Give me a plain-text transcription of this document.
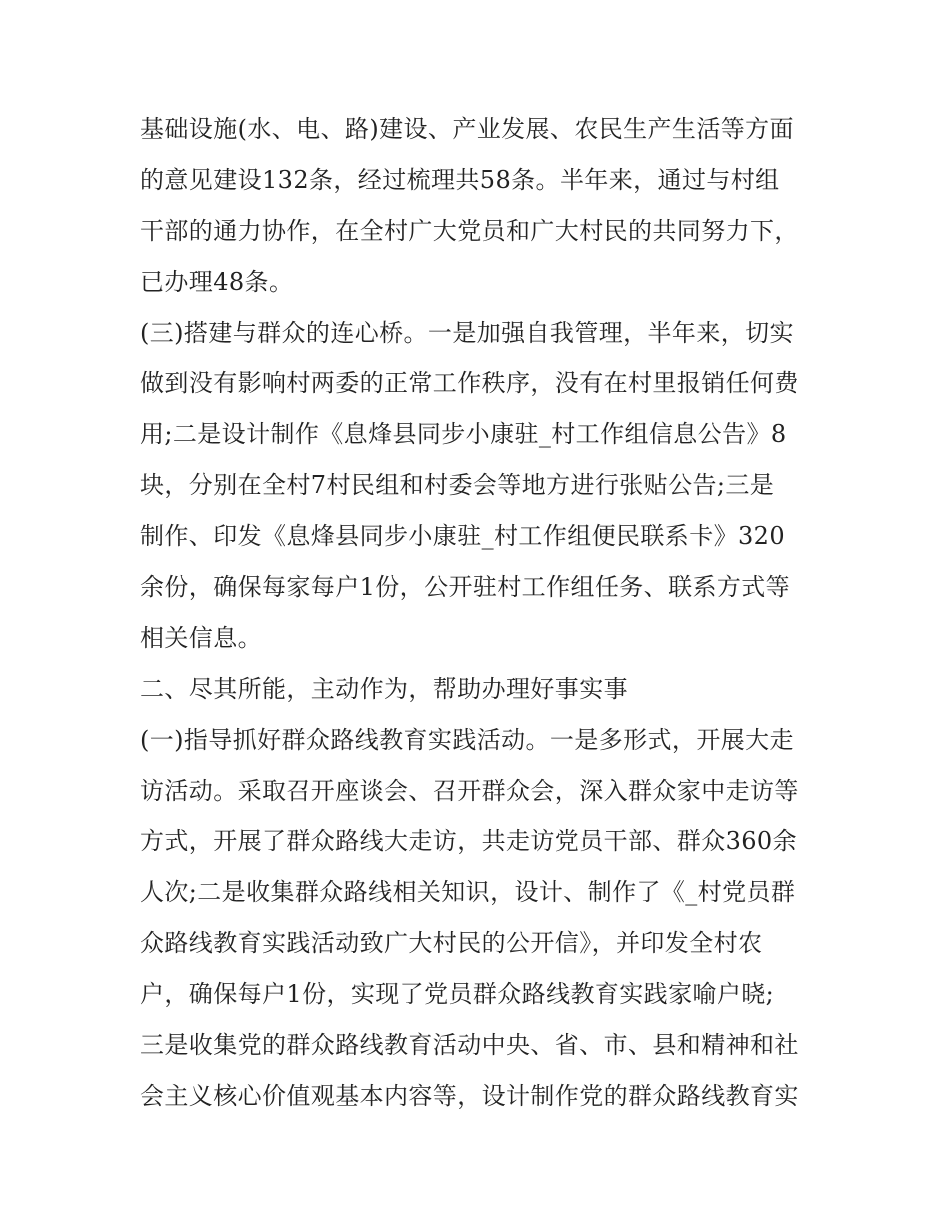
基础设施(水、电、路)建设、产业发展、农民生产生活等方面
的意见建设132条，经过梳理共58条。半年来，通过与村组
干部的通力协作，在全村广大党员和广大村民的共同努力下，
已办理48条。
(三)搭建与群众的连心桥。一是加强自我管理，半年来，切实
做到没有影响村两委的正常工作秩序，没有在村里报销任何费
用;二是设计制作《息烽县同步小康驻_村工作组信息公告》8
块，分别在全村7村民组和村委会等地方进行张贴公告;三是
制作、印发《息烽县同步小康驻_村工作组便民联系卡》320
余份，确保每家每户1份，公开驻村工作组任务、联系方式等
相关信息。
二、尽其所能，主动作为，帮助办理好事实事
(一)指导抓好群众路线教育实践活动。一是多形式，开展大走
访活动。采取召开座谈会、召开群众会，深入群众家中走访等
方式，开展了群众路线大走访，共走访党员干部、群众360余
人次;二是收集群众路线相关知识，设计、制作了《_村党员群
众路线教育实践活动致广大村民的公开信》，并印发全村农
户，确保每户1份，实现了党员群众路线教育实践家喻户晓;
三是收集党的群众路线教育活动中央、省、市、县和精神和社
会主义核心价值观基本内容等，设计制作党的群众路线教育实
